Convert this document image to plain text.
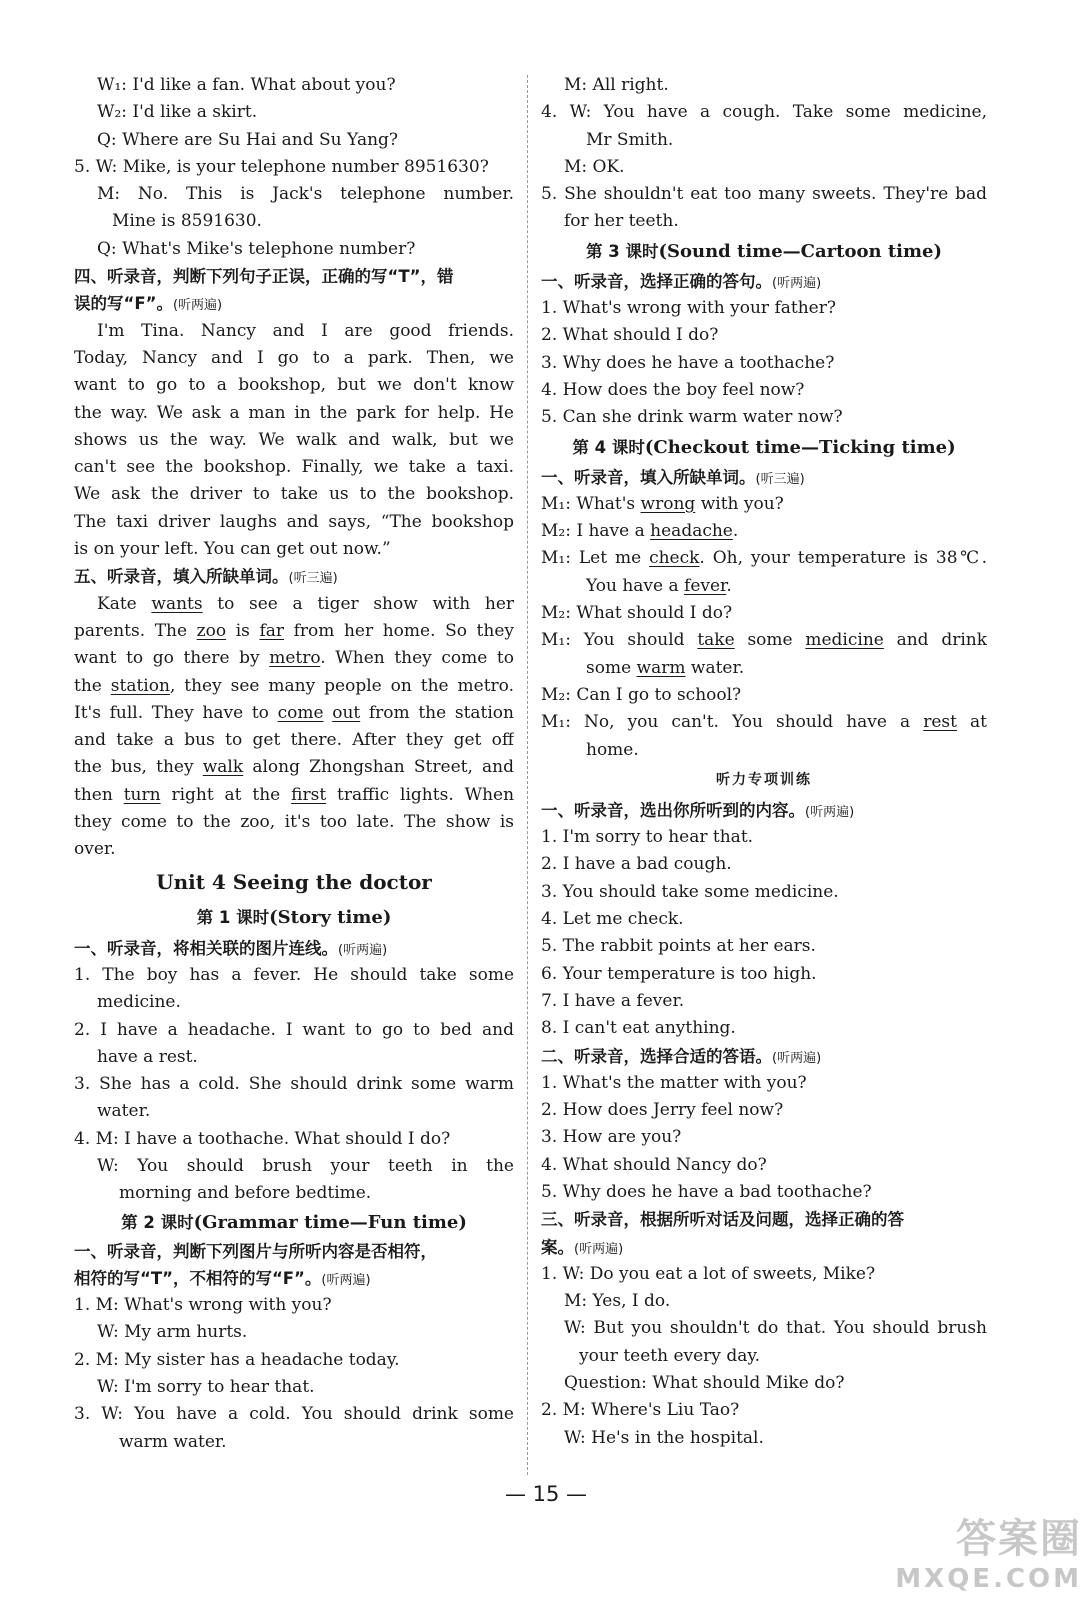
W₁: I'd like a fan. What about you?
W₂: I'd like a skirt.
Q: Where are Su Hai and Su Yang?
5. W: Mike, is your telephone number 8951630?
M: No. This is Jack's telephone number.
Mine is 8591630.
Q: What's Mike's telephone number?
四、听录音，判断下列句子正误，正确的写“T”，错
误的写“F”。(听两遍)
I'm Tina. Nancy and I are good friends.
Today, Nancy and I go to a park. Then, we
want to go to a bookshop, but we don't know
the way. We ask a man in the park for help. He
shows us the way. We walk and walk, but we
can't see the bookshop. Finally, we take a taxi.
We ask the driver to take us to the bookshop.
The taxi driver laughs and says, “The bookshop
is on your left. You can get out now.”
五、听录音，填入所缺单词。(听三遍)
Kate wants to see a tiger show with her
parents. The zoo is far from her home. So they
want to go there by metro. When they come to
the station, they see many people on the metro.
It's full. They have to come out from the station
and take a bus to get there. After they get off
the bus, they walk along Zhongshan Street, and
then turn right at the first traffic lights. When
they come to the zoo, it's too late. The show is
over.
Unit 4 Seeing the doctor
第 1 课时(Story time)
一、听录音，将相关联的图片连线。(听两遍)
1. The boy has a fever. He should take some
medicine.
2. I have a headache. I want to go to bed and
have a rest.
3. She has a cold. She should drink some warm
water.
4. M: I have a toothache. What should I do?
W: You should brush your teeth in the
morning and before bedtime.
第 2 课时(Grammar time—Fun time)
一、听录音，判断下列图片与所听内容是否相符，
相符的写“T”，不相符的写“F”。(听两遍)
1. M: What's wrong with you?
W: My arm hurts.
2. M: My sister has a headache today.
W: I'm sorry to hear that.
3. W: You have a cold. You should drink some
warm water.
M: All right.
4. W: You have a cough. Take some medicine,
Mr Smith.
M: OK.
5. She shouldn't eat too many sweets. They're bad
for her teeth.
第 3 课时(Sound time—Cartoon time)
一、听录音，选择正确的答句。(听两遍)
1. What's wrong with your father?
2. What should I do?
3. Why does he have a toothache?
4. How does the boy feel now?
5. Can she drink warm water now?
第 4 课时(Checkout time—Ticking time)
一、听录音，填入所缺单词。(听三遍)
M₁: What's wrong with you?
M₂: I have a headache.
M₁: Let me check. Oh, your temperature is 38℃.
You have a fever.
M₂: What should I do?
M₁: You should take some medicine and drink
some warm water.
M₂: Can I go to school?
M₁: No, you can't. You should have a rest at
home.
听力专项训练
一、听录音，选出你所听到的内容。(听两遍)
1. I'm sorry to hear that.
2. I have a bad cough.
3. You should take some medicine.
4. Let me check.
5. The rabbit points at her ears.
6. Your temperature is too high.
7. I have a fever.
8. I can't eat anything.
二、听录音，选择合适的答语。(听两遍)
1. What's the matter with you?
2. How does Jerry feel now?
3. How are you?
4. What should Nancy do?
5. Why does he have a bad toothache?
三、听录音，根据所听对话及问题，选择正确的答
案。(听两遍)
1. W: Do you eat a lot of sweets, Mike?
M: Yes, I do.
W: But you shouldn't do that. You should brush
your teeth every day.
Question: What should Mike do?
2. M: Where's Liu Tao?
W: He's in the hospital.
— 15 —
答案圈
MXQE.COM
